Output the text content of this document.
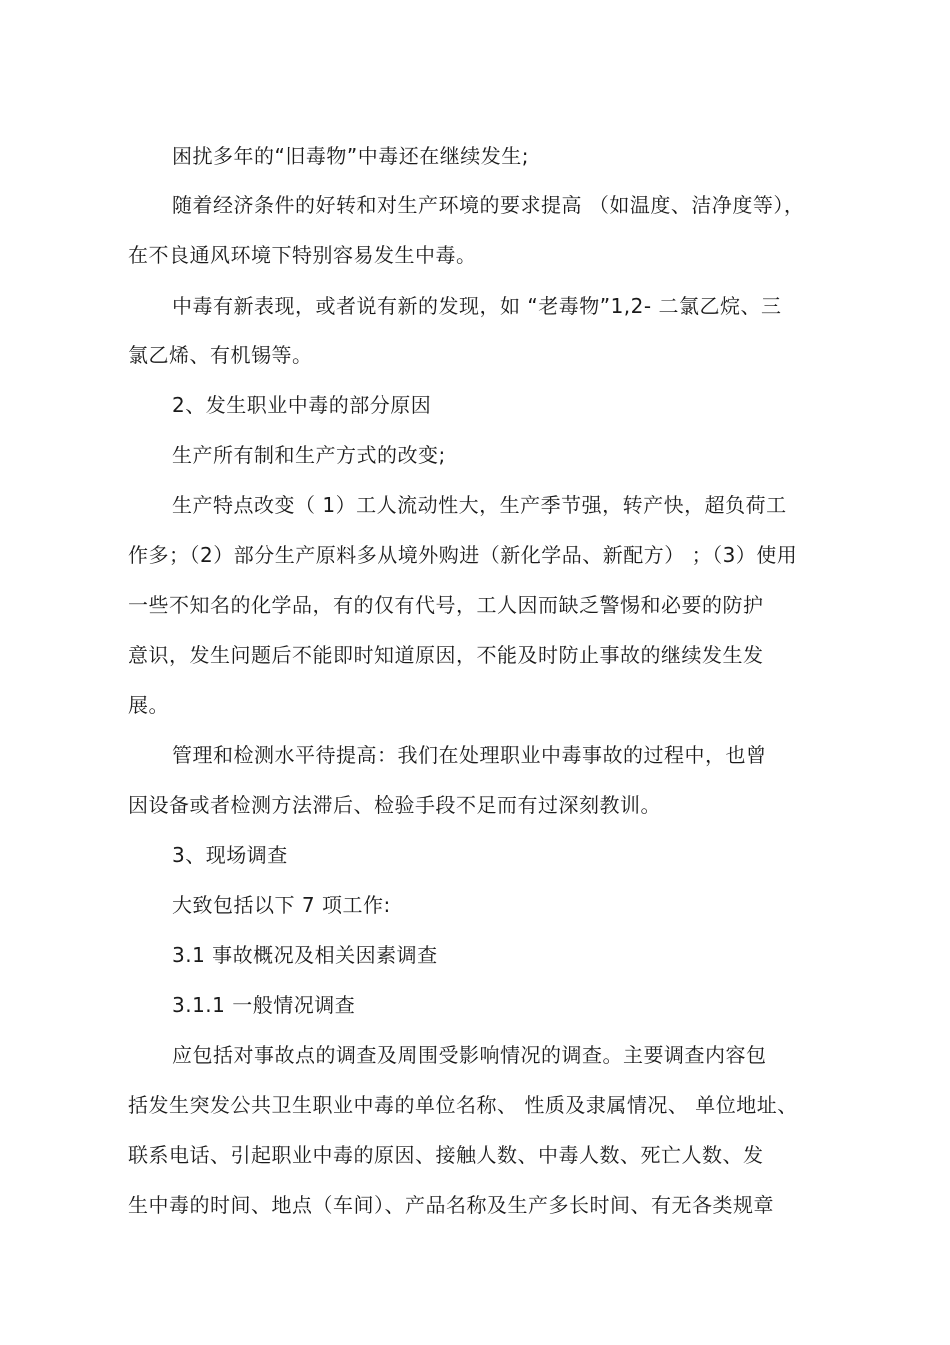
困扰多年的“旧毒物”中毒还在继续发生;
随着经济条件的好转和对生产环境的要求提高 （如温度、洁净度等），
在不良通风环境下特别容易发生中毒。
中毒有新表现，或者说有新的发现，如 “老毒物”1,2- 二氯乙烷、三
氯乙烯、有机锡等。
2、发生职业中毒的部分原因
生产所有制和生产方式的改变;
生产特点改变（ 1）工人流动性大，生产季节强，转产快，超负荷工
作多；（2）部分生产原料多从境外购进（新化学品、新配方） ；（3）使用
一些不知名的化学品，有的仅有代号，工人因而缺乏警惕和必要的防护
意识，发生问题后不能即时知道原因，不能及时防止事故的继续发生发
展。
管理和检测水平待提高：我们在处理职业中毒事故的过程中，也曾
因设备或者检测方法滞后、检验手段不足而有过深刻教训。
3、现场调查
大致包括以下 7 项工作:
3.1 事故概况及相关因素调查
3.1.1 一般情况调查
应包括对事故点的调查及周围受影响情况的调查。主要调查内容包
括发生突发公共卫生职业中毒的单位名称、 性质及隶属情况、 单位地址、
联系电话、引起职业中毒的原因、接触人数、中毒人数、死亡人数、发
生中毒的时间、地点（车间）、产品名称及生产多长时间、有无各类规章
